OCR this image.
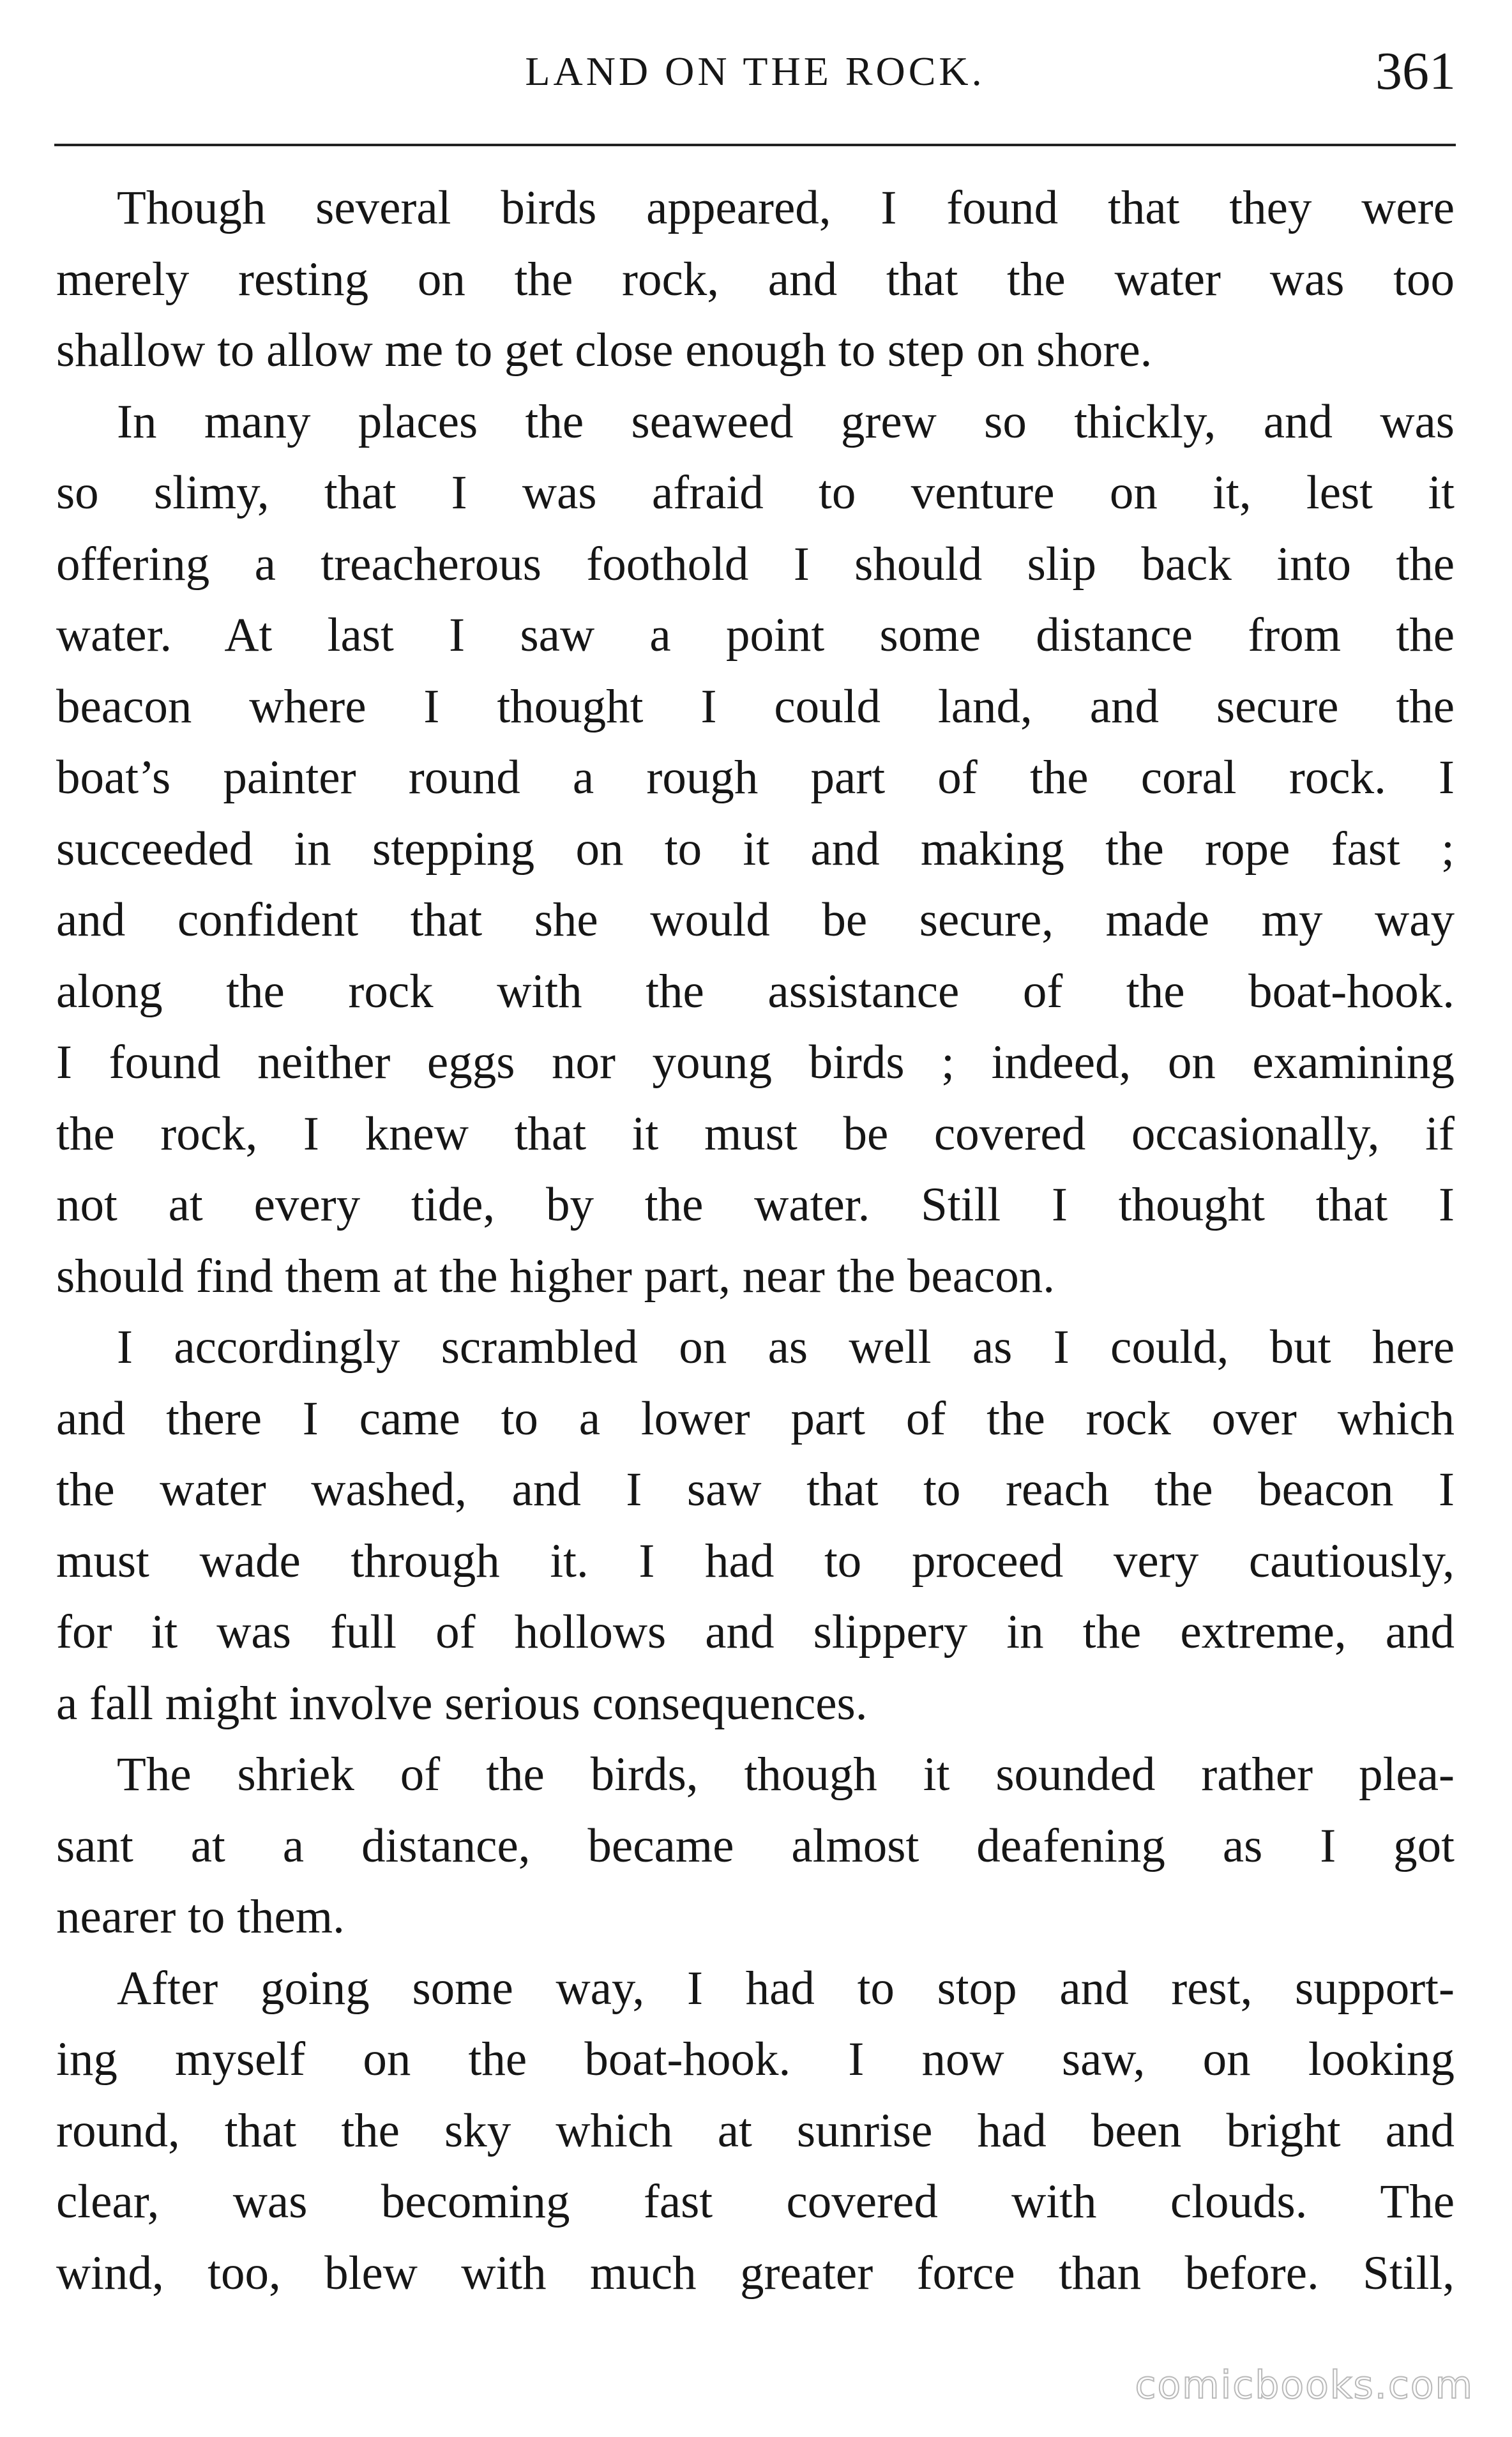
LAND ON THE ROCK.	361
Though several birds appeared, I found that they were
merely resting on the rock, and that the water was too
shallow to allow me to get close enough to step on shore.
In many places the seaweed grew so thickly, and was
so slimy, that I was afraid to venture on it, lest it
offering a treacherous foothold I should slip back into the
water. At last I saw a point some distance from the
beacon where I thought I could land, and secure the
boat’s painter round a rough part of the coral rock. I
succeeded in stepping on to it and making the rope fast ;
and confident that she would be secure, made my way
along the rock with the assistance of the boat-hook.
I found neither eggs nor young birds ; indeed, on examining
the rock, I knew that it must be covered occasionally, if
not at every tide, by the water. Still I thought that I
should find them at the higher part, near the beacon.
I accordingly scrambled on as well as I could, but here
and there I came to a lower part of the rock over which
the water washed, and I saw that to reach the beacon I
must wade through it. I had to proceed very cautiously,
for it was full of hollows and slippery in the extreme, and
a fall might involve serious consequences.
The shriek of the birds, though it sounded rather plea-
sant at a distance, became almost deafening as I got
nearer to them.
After going some way, I had to stop and rest, support-
ing myself on the boat-hook. I now saw, on looking
round, that the sky which at sunrise had been bright and
clear, was becoming fast covered with clouds. The
wind, too, blew with much greater force than before. Still,
comicbooks.com
